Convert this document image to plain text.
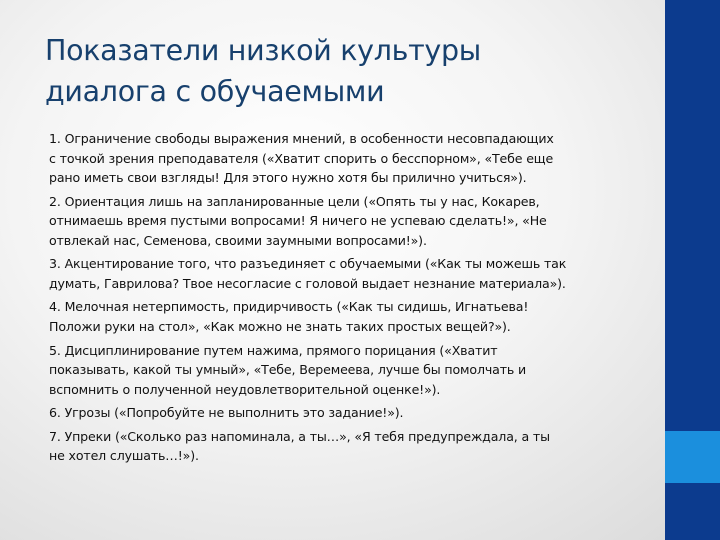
Показатели низкой культуры
диалога с обучаемыми
1. Ограничение свободы выражения мнений, в особенности несовпадающих
с точкой зрения преподавателя («Хватит спорить о бесспорном», «Тебе еще
рано иметь свои взгляды! Для этого нужно хотя бы прилично учиться»).
2. Ориентация лишь на запланированные цели («Опять ты у нас, Кокарев,
отнимаешь время пустыми вопросами! Я ничего не успеваю сделать!», «Не
отвлекай нас, Семенова, своими заумными вопросами!»).
3. Акцентирование того, что разъединяет с обучаемыми («Как ты можешь так
думать, Гаврилова? Твое несогласие с головой выдает незнание материала»).
4. Мелочная нетерпимость, придирчивость («Как ты сидишь, Игнатьева!
Положи руки на стол», «Как можно не знать таких простых вещей?»).
5. Дисциплинирование путем нажима, прямого порицания («Хватит
показывать, какой ты умный», «Тебе, Веремеева, лучше бы помолчать и
вспомнить о полученной неудовлетворительной оценке!»).
6. Угрозы («Попробуйте не выполнить это задание!»).
7. Упреки («Сколько раз напоминала, а ты…», «Я тебя предупреждала, а ты
не хотел слушать…!»).
